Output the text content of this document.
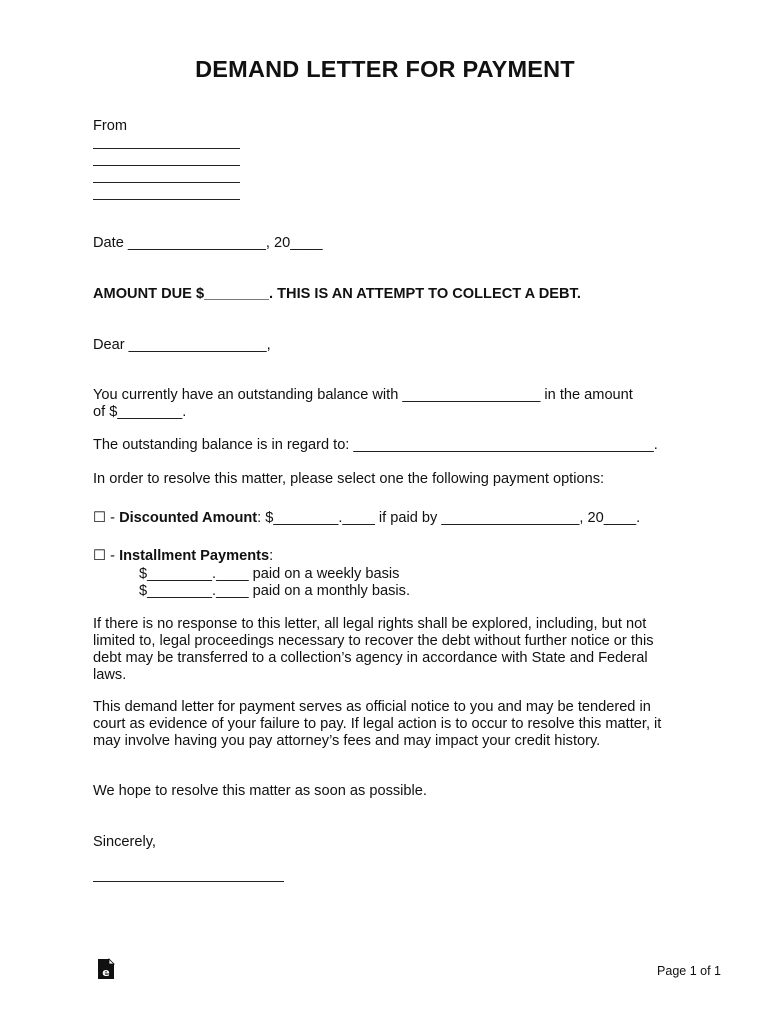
DEMAND LETTER FOR PAYMENT
From
Date _________________, 20____
AMOUNT DUE $________. THIS IS AN ATTEMPT TO COLLECT A DEBT.
Dear _________________,
You currently have an outstanding balance with _________________ in the amount
of $________.
The outstanding balance is in regard to: _____________________________________.
In order to resolve this matter, please select one the following payment options:
☐ - Discounted Amount: $________.____ if paid by _________________, 20____.
☐ - Installment Payments:
$________.____ paid on a weekly basis
$________.____ paid on a monthly basis.
If there is no response to this letter, all legal rights shall be explored, including, but not limited to, legal proceedings necessary to recover the debt without further notice or this debt may be transferred to a collection’s agency in accordance with State and Federal laws.
This demand letter for payment serves as official notice to you and may be tendered in court as evidence of your failure to pay. If legal action is to occur to resolve this matter, it may involve having you pay attorney’s fees and may impact your credit history.
We hope to resolve this matter as soon as possible.
Sincerely,
e	Page 1 of 1
